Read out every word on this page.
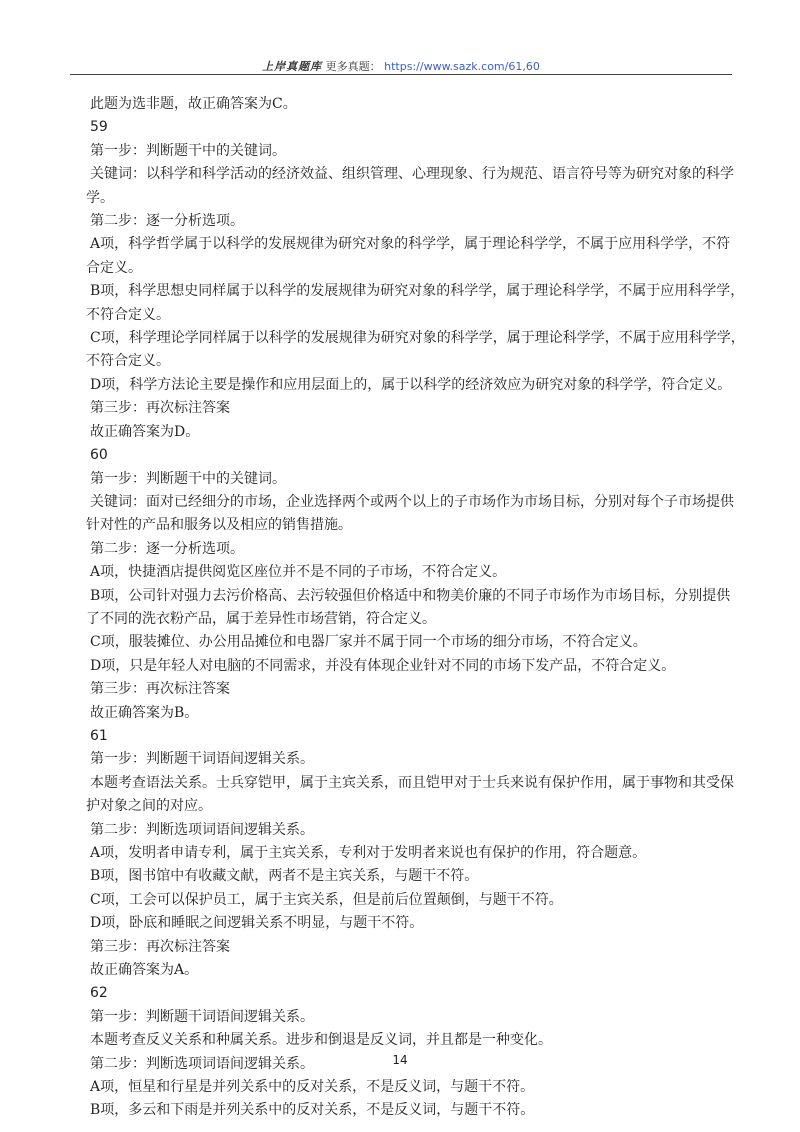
上岸真题库 更多真题： https://www.sazk.com/61,60
此题为选非题，故正确答案为C。
59
第一步：判断题干中的关键词。
关键词：以科学和科学活动的经济效益、组织管理、心理现象、行为规范、语言符号等为研究对象的科学
学。
第二步：逐一分析选项。
A项，科学哲学属于以科学的发展规律为研究对象的科学学，属于理论科学学，不属于应用科学学，不符
合定义。
B项，科学思想史同样属于以科学的发展规律为研究对象的科学学，属于理论科学学，不属于应用科学学，
不符合定义。
C项，科学理论学同样属于以科学的发展规律为研究对象的科学学，属于理论科学学，不属于应用科学学，
不符合定义。
D项，科学方法论主要是操作和应用层面上的，属于以科学的经济效应为研究对象的科学学，符合定义。
第三步：再次标注答案
故正确答案为D。
60
第一步：判断题干中的关键词。
关键词：面对已经细分的市场，企业选择两个或两个以上的子市场作为市场目标，分别对每个子市场提供
针对性的产品和服务以及相应的销售措施。
第二步：逐一分析选项。
A项，快捷酒店提供阅览区座位并不是不同的子市场，不符合定义。
B项，公司针对强力去污价格高、去污较强但价格适中和物美价廉的不同子市场作为市场目标，分别提供
了不同的洗衣粉产品，属于差异性市场营销，符合定义。
C项，服装摊位、办公用品摊位和电器厂家并不属于同一个市场的细分市场，不符合定义。
D项，只是年轻人对电脑的不同需求，并没有体现企业针对不同的市场下发产品，不符合定义。
第三步：再次标注答案
故正确答案为B。
61
第一步：判断题干词语间逻辑关系。
本题考查语法关系。士兵穿铠甲，属于主宾关系，而且铠甲对于士兵来说有保护作用，属于事物和其受保
护对象之间的对应。
第二步：判断选项词语间逻辑关系。
A项，发明者申请专利，属于主宾关系，专利对于发明者来说也有保护的作用，符合题意。
B项，图书馆中有收藏文献，两者不是主宾关系，与题干不符。
C项，工会可以保护员工，属于主宾关系，但是前后位置颠倒，与题干不符。
D项，卧底和睡眠之间逻辑关系不明显，与题干不符。
第三步：再次标注答案
故正确答案为A。
62
第一步：判断题干词语间逻辑关系。
本题考查反义关系和种属关系。进步和倒退是反义词，并且都是一种变化。
第二步：判断选项词语间逻辑关系。
A项，恒星和行星是并列关系中的反对关系，不是反义词，与题干不符。
B项，多云和下雨是并列关系中的反对关系，不是反义词，与题干不符。
14
